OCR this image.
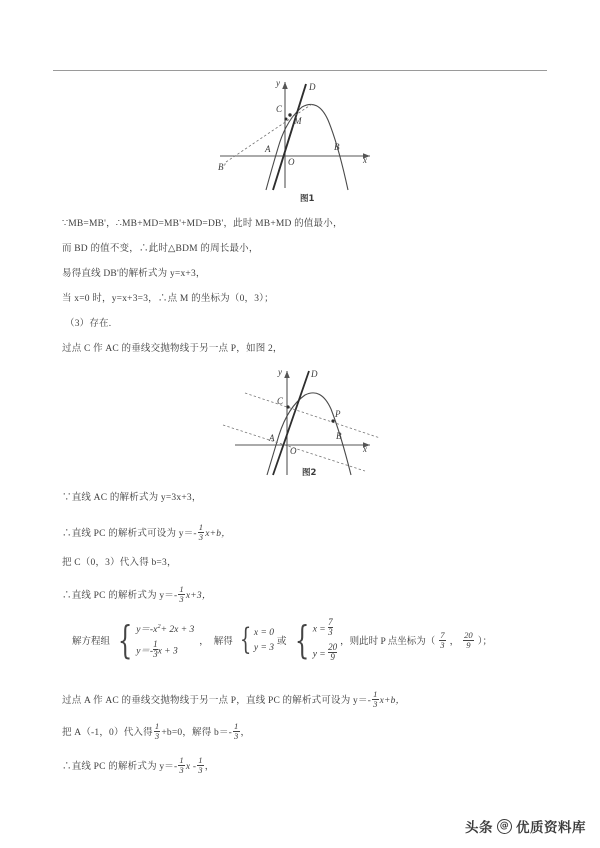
y
x
O
A	B
B'
C
D
M
图1
∵MB=MB'，∴MB+MD=MB'+MD=DB'，此时 MB+MD 的值最小，
而 BD 的值不变，∴此时△BDM 的周长最小，
易得直线 DB'的解析式为 y=x+3，
当 x=0 时，y=x+3=3，∴点 M 的坐标为（0，3）；
（3）存在.
过点 C 作 AC 的垂线交抛物线于另一点 P，如图 2，
y
x
O
A	B
C
D
P
图2
∵直线 AC 的解析式为 y=3x+3，
∴直线 PC 的解析式可设为 $y=- \frac{1}{3} x+b$，
把 C（0，3）代入得 b=3，
∴直线 PC 的解析式为 $y=- \frac{1}{3} x+3$，
解方程组 { $y=-x^2+ 2x + 3$
$y=- \frac{1}{3}$ x + 3
， 解得 { x = 0
y = 3
或 { $x = \frac{7}{3}$
$y = \frac{20}{9}$
，则此时 P 点坐标为（ $\frac{7}{3}$ ， $\frac{20}{9}$ ）；
过点 A 作 AC 的垂线交抛物线于另一点 P，直线 PC 的解析式可设为 $y=- \frac{1}{3} x+b$，
把 A（-1，0）代入得 $\frac{1}{3} +b=0$，解得 $b=- \frac{1}{3}$ ，
∴直线 PC 的解析式为 $y=- \frac{1}{3}$ x - $\frac{1}{3}$ ，
头条 @ 优质资料库
